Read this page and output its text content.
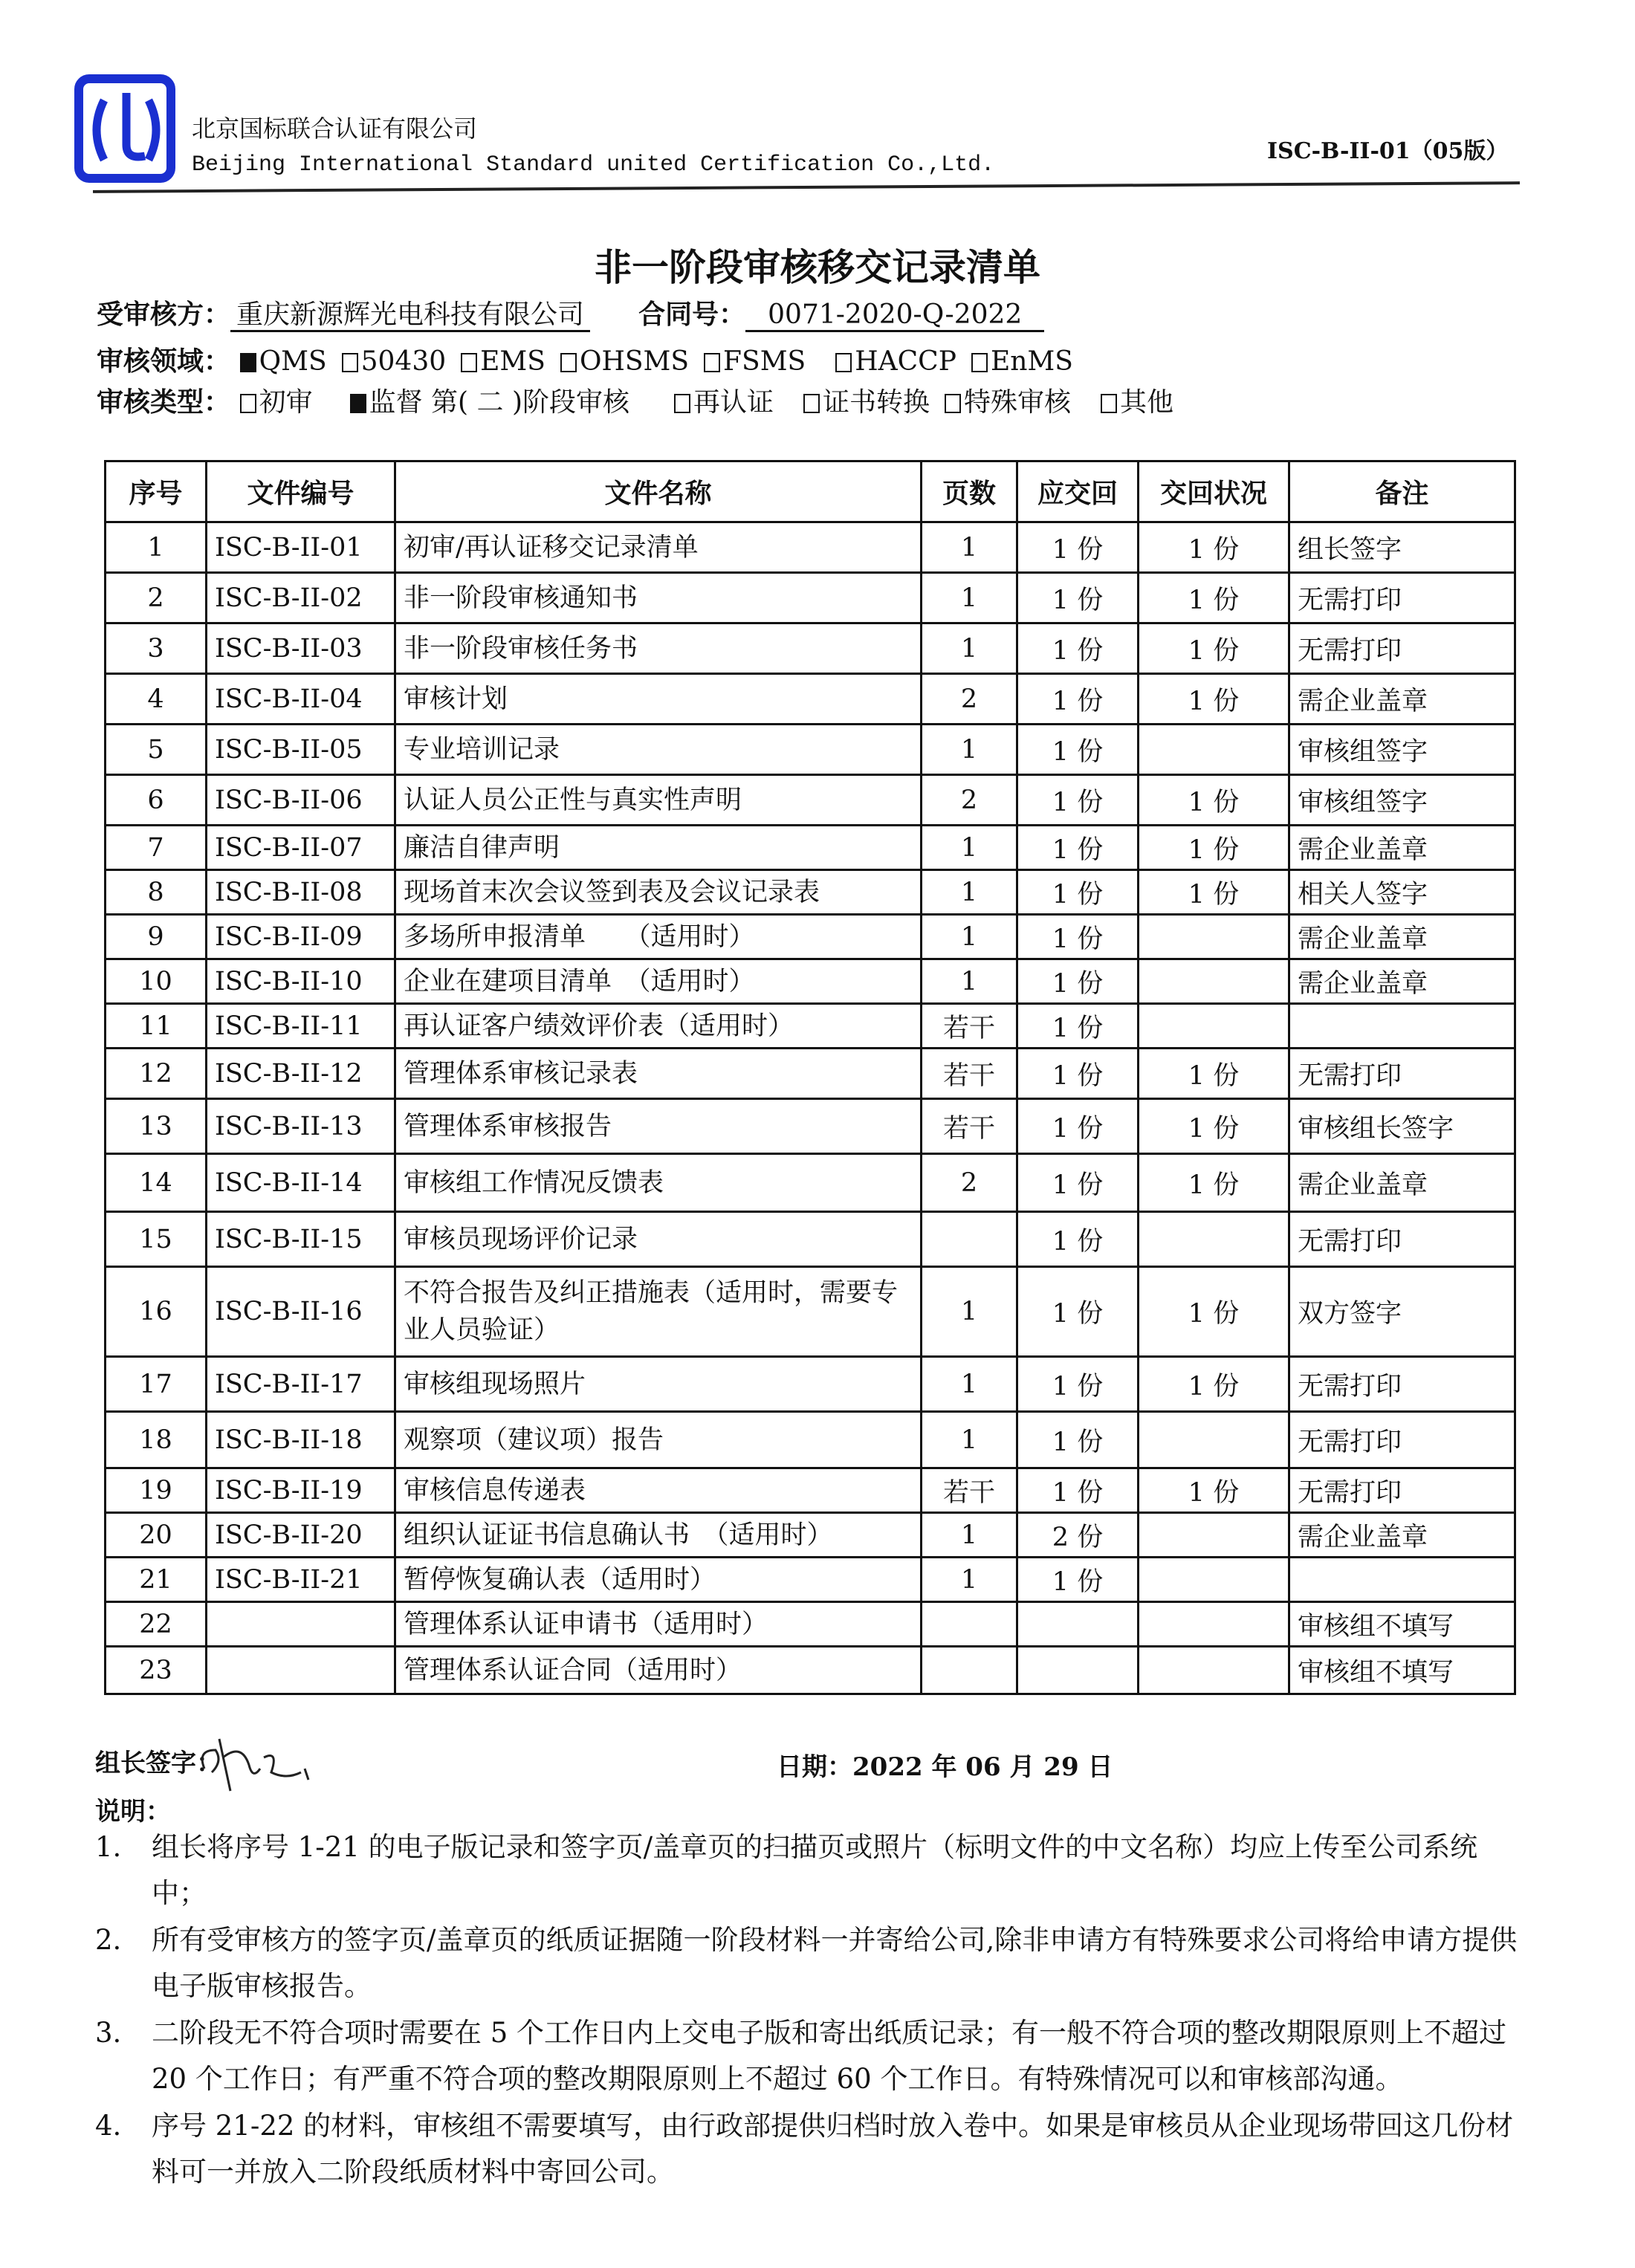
北京国标联合认证有限公司
Beijing International Standard united Certification Co.,Ltd.
ISC-B-II-01（05版）
非一阶段审核移交记录清单
受审核方： 重庆新源辉光电科技有限公司 合同号： 0071-2020-Q-2022
审核领域： QMS 50430 EMS OHSMS FSMS HACCP EnMS
审核类型： 初审 监督 第( 二 )阶段审核 再认证 证书转换 特殊审核 其他
序号	文件编号	文件名称	页数	应交回	交回状况	备注
1	ISC-B-II-01	初审/再认证移交记录清单	1	1 份	1 份	组长签字
2	ISC-B-II-02	非一阶段审核通知书	1	1 份	1 份	无需打印
3	ISC-B-II-03	非一阶段审核任务书	1	1 份	1 份	无需打印
4	ISC-B-II-04	审核计划	2	1 份	1 份	需企业盖章
5	ISC-B-II-05	专业培训记录	1	1 份		审核组签字
6	ISC-B-II-06	认证人员公正性与真实性声明	2	1 份	1 份	审核组签字
7	ISC-B-II-07	廉洁自律声明	1	1 份	1 份	需企业盖章
8	ISC-B-II-08	现场首末次会议签到表及会议记录表	1	1 份	1 份	相关人签字
9	ISC-B-II-09	多场所申报清单　　（适用时）	1	1 份		需企业盖章
10	ISC-B-II-10	企业在建项目清单　（适用时）	1	1 份		需企业盖章
11	ISC-B-II-11	再认证客户绩效评价表（适用时）	若干	1 份		
12	ISC-B-II-12	管理体系审核记录表	若干	1 份	1 份	无需打印
13	ISC-B-II-13	管理体系审核报告	若干	1 份	1 份	审核组长签字
14	ISC-B-II-14	审核组工作情况反馈表	2	1 份	1 份	需企业盖章
15	ISC-B-II-15	审核员现场评价记录		1 份		无需打印
16	ISC-B-II-16	不符合报告及纠正措施表（适用时，需要专业人员验证）	1	1 份	1 份	双方签字
17	ISC-B-II-17	审核组现场照片	1	1 份	1 份	无需打印
18	ISC-B-II-18	观察项（建议项）报告	1	1 份		无需打印
19	ISC-B-II-19	审核信息传递表	若干	1 份	1 份	无需打印
20	ISC-B-II-20	组织认证证书信息确认书　（适用时）	1	2 份		需企业盖章
21	ISC-B-II-21	暂停恢复确认表（适用时）	1	1 份		
22		管理体系认证申请书（适用时）				审核组不填写
23		管理体系认证合同（适用时）				审核组不填写
组长签字：	日期：2022 年 06 月 29 日
说明：
1. 组长将序号 1-21 的电子版记录和签字页/盖章页的扫描页或照片（标明文件的中文名称）均应上传至公司系统中；
2. 所有受审核方的签字页/盖章页的纸质证据随一阶段材料一并寄给公司,除非申请方有特殊要求公司将给申请方提供电子版审核报告。
3. 二阶段无不符合项时需要在 5 个工作日内上交电子版和寄出纸质记录；有一般不符合项的整改期限原则上不超过 20 个工作日；有严重不符合项的整改期限原则上不超过 60 个工作日。有特殊情况可以和审核部沟通。
4. 序号 21-22 的材料，审核组不需要填写，由行政部提供归档时放入卷中。如果是审核员从企业现场带回这几份材料可一并放入二阶段纸质材料中寄回公司。
